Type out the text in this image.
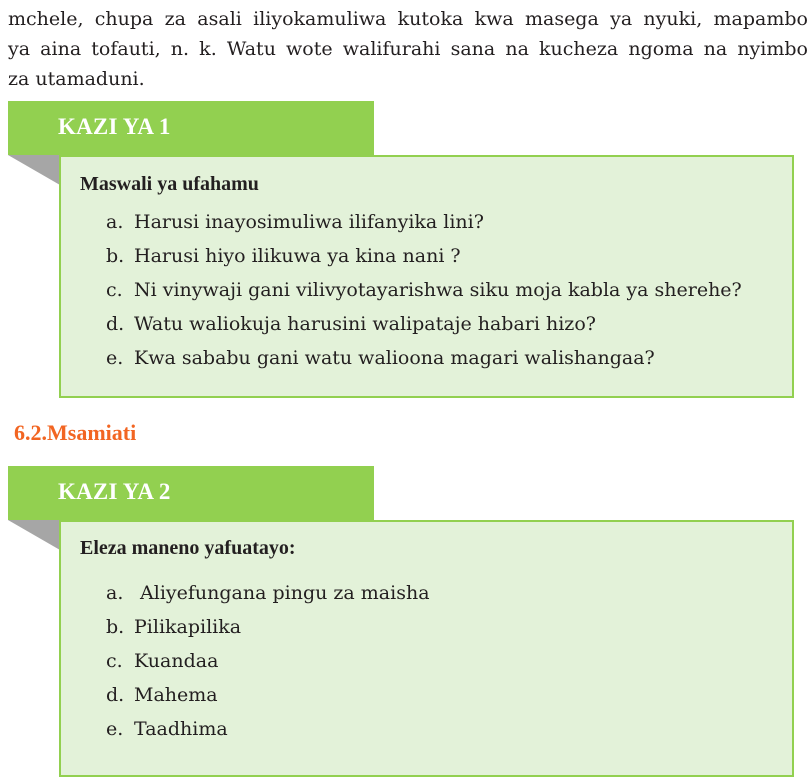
mchele, chupa za asali iliyokamuliwa kutoka kwa masega ya nyuki, mapambo
ya aina tofauti, n. k. Watu wote walifurahi sana na kucheza ngoma na nyimbo
za utamaduni.

KAZI YA 1
Maswali ya ufahamu
a. Harusi inayosimuliwa ilifanyika lini?
b. Harusi hiyo ilikuwa ya kina nani ?
c. Ni vinywaji gani vilivyotayarishwa siku moja kabla ya sherehe?
d. Watu waliokuja harusini walipataje habari hizo?
e. Kwa sababu gani watu walioona magari walishangaa?
6.2.Msamiati
KAZI YA 2
Eleza maneno yafuatayo:
a. Aliyefungana pingu za maisha
b. Pilikapilika
c. Kuandaa
d. Mahema
e. Taadhima
